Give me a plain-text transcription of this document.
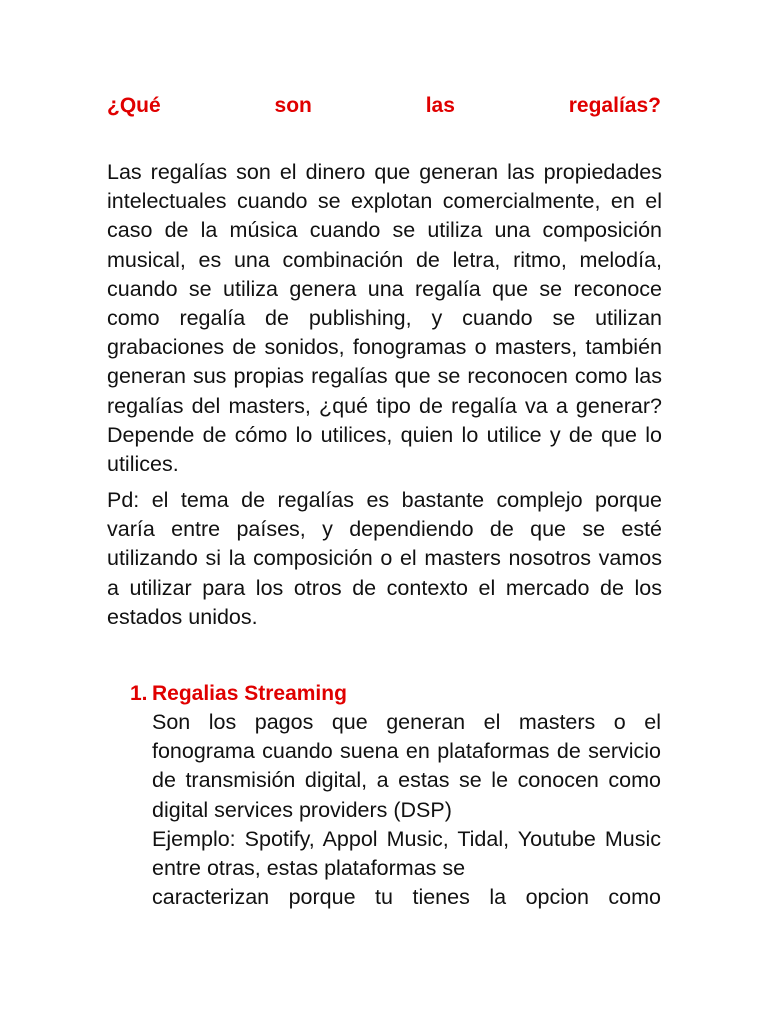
¿Qué	son	las	regalías?

Las regalías son el dinero que generan las propiedades intelectuales cuando se explotan comercialmente, en el caso de la música cuando se utiliza una composición musical, es una combinación de letra, ritmo, melodía, cuando se utiliza genera una regalía que se reconoce como regalía de publishing, y cuando se utilizan grabaciones de sonidos, fonogramas o masters, también generan sus propias regalías que se reconocen como las regalías del masters, ¿qué tipo de regalía va a generar? Depende de cómo lo utilices, quien lo utilice y de que lo utilices.

Pd: el tema de regalías es bastante complejo porque varía entre países, y dependiendo de que se esté utilizando si la composición o el masters nosotros vamos a utilizar para los otros de contexto el mercado de los estados unidos.

1. Regalias Streaming
Son los pagos que generan el masters o el fonograma cuando suena en plataformas de servicio de transmisión digital, a estas se le conocen como digital services providers (DSP)
Ejemplo: Spotify, Appol Music, Tidal, Youtube Music entre otras, estas plataformas se
caracterizan porque tu tienes la opcion como
